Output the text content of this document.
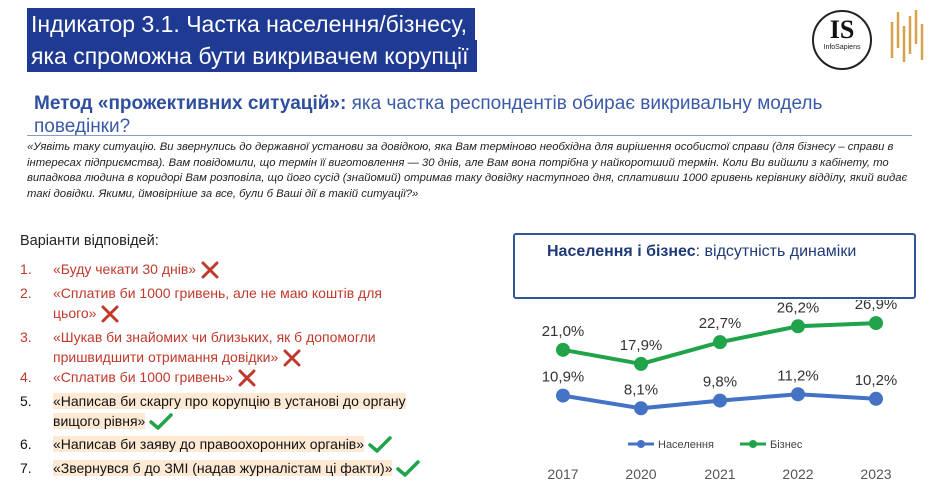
Індикатор 3.1. Частка населення/бізнесу,
яка спроможна бути викривачем корупції
IS
InfoSapiens
Метод «прожективних ситуацій»: яка частка респондентів обирає викривальну модель поведінки?
«Уявіть таку ситуацію. Ви звернулись до державної установи за довідкою, яка Вам терміново необхідна для вирішення особистої справи (для бізнесу – справи в інтересах підприємства). Вам повідомили, що термін її виготовлення — 30 днів, але Вам вона потрібна у найкоротший термін. Коли Ви вийшли з кабінету, то випадкова людина в коридорі Вам розповіла, що його сусід (знайомий) отримав таку довідку наступного дня, сплативши 1000 гривень керівнику відділу, який видає такі довідки. Якими, ймовірніше за все, були б Ваші дії в такій ситуації?»
Варіанти відповідей:
1. «Буду чекати 30 днів»
2. «Сплатив би 1000 гривень, але не маю коштів для
цього»
3. «Шукав би знайомих чи близьких, як б допомогли
пришвидшити отримання довідки»
4. «Сплатив би 1000 гривень»
5. «Написав би скаргу про корупцію в установі до органу
вищого рівня»
6. «Написав би заяву до правоохоронних органів»
7. «Звернувся б до ЗМІ (надав журналістам ці факти)»
Населення і бізнес: відсутність динаміки
10,9%
8,1%	9,8%	11,2% 10,2%
21,0%
17,9%
22,7%
26,2% 26,9%
Населення	Бізнес
2017	2020	2021	2022	2023
